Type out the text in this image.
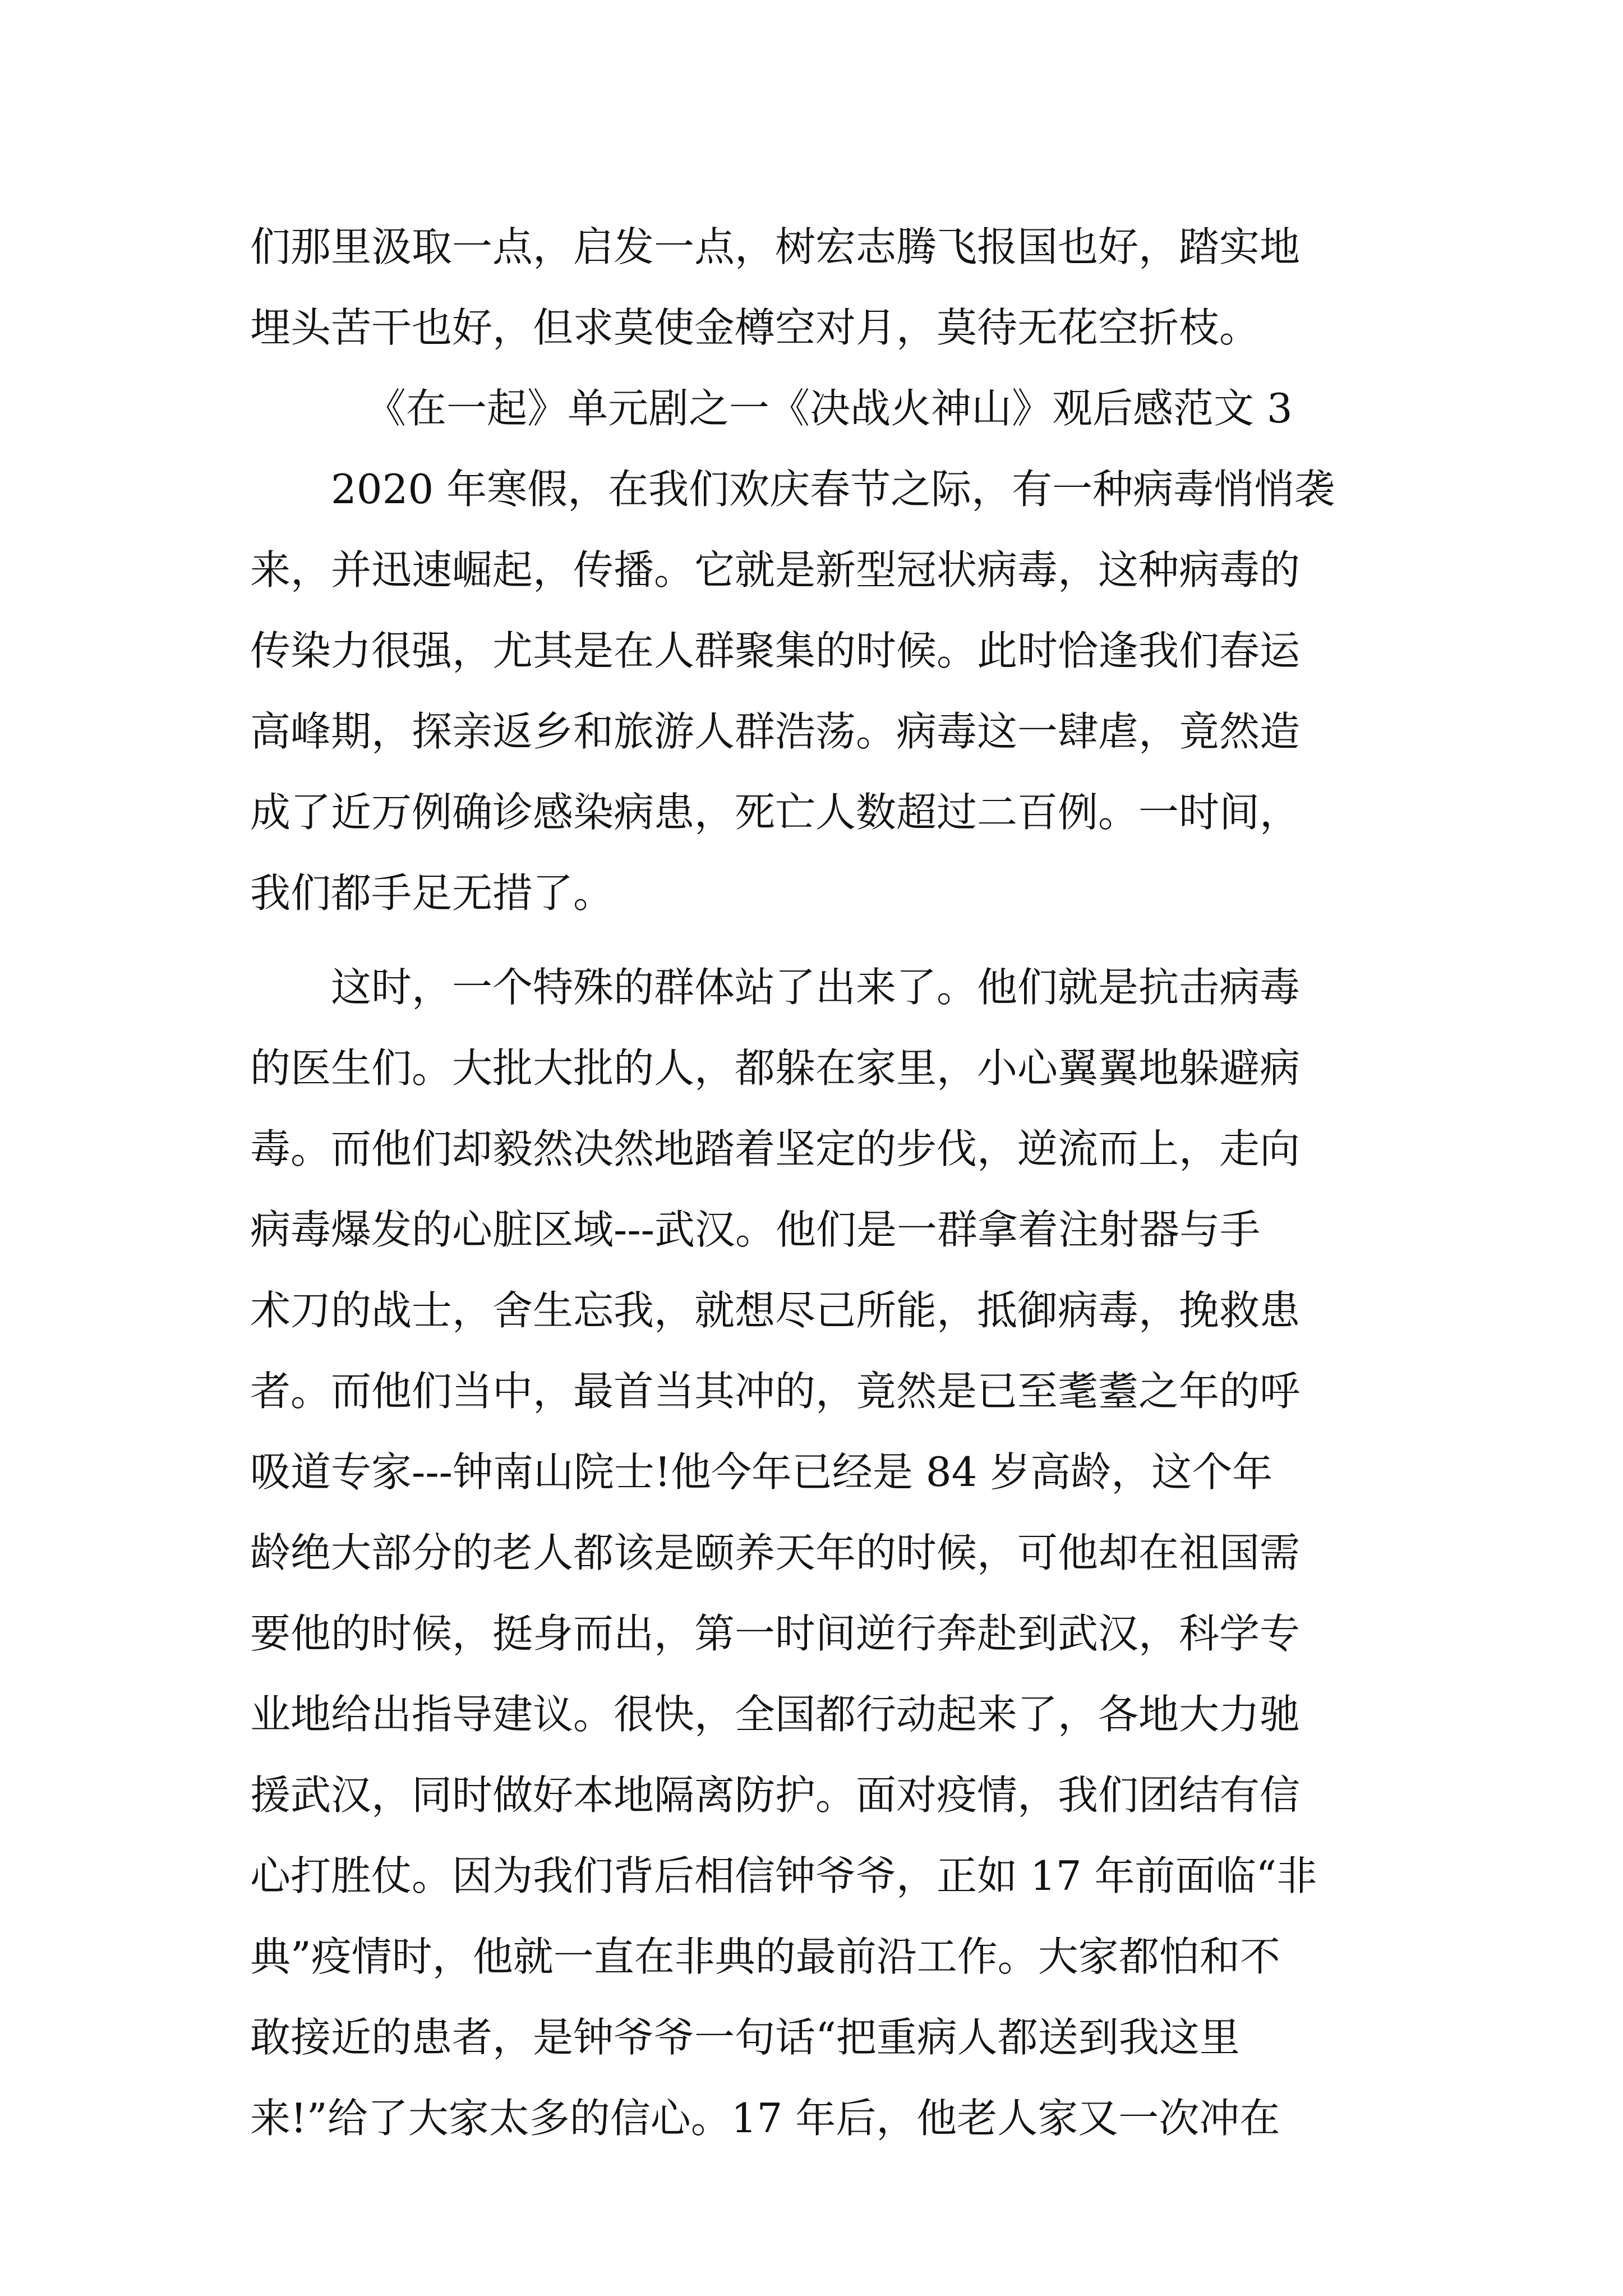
们那里汲取一点，启发一点，树宏志腾飞报国也好，踏实地
埋头苦干也好，但求莫使金樽空对月，莫待无花空折枝。
《在一起》单元剧之一《决战火神山》观后感范文 3
2020 年寒假，在我们欢庆春节之际，有一种病毒悄悄袭
来，并迅速崛起，传播。它就是新型冠状病毒，这种病毒的
传染力很强，尤其是在人群聚集的时候。此时恰逢我们春运
高峰期，探亲返乡和旅游人群浩荡。病毒这一肆虐，竟然造
成了近万例确诊感染病患，死亡人数超过二百例。一时间，
我们都手足无措了。
这时，一个特殊的群体站了出来了。他们就是抗击病毒
的医生们。大批大批的人，都躲在家里，小心翼翼地躲避病
毒。而他们却毅然决然地踏着坚定的步伐，逆流而上，走向
病毒爆发的心脏区域---武汉。他们是一群拿着注射器与手
术刀的战士，舍生忘我，就想尽己所能，抵御病毒，挽救患
者。而他们当中，最首当其冲的，竟然是已至耄耋之年的呼
吸道专家---钟南山院士!他今年已经是 84 岁高龄，这个年
龄绝大部分的老人都该是颐养天年的时候，可他却在祖国需
要他的时候，挺身而出，第一时间逆行奔赴到武汉，科学专
业地给出指导建议。很快，全国都行动起来了，各地大力驰
援武汉，同时做好本地隔离防护。面对疫情，我们团结有信
心打胜仗。因为我们背后相信钟爷爷，正如 17 年前面临“非
典”疫情时，他就一直在非典的最前沿工作。大家都怕和不
敢接近的患者，是钟爷爷一句话“把重病人都送到我这里
来!”给了大家太多的信心。17 年后，他老人家又一次冲在
